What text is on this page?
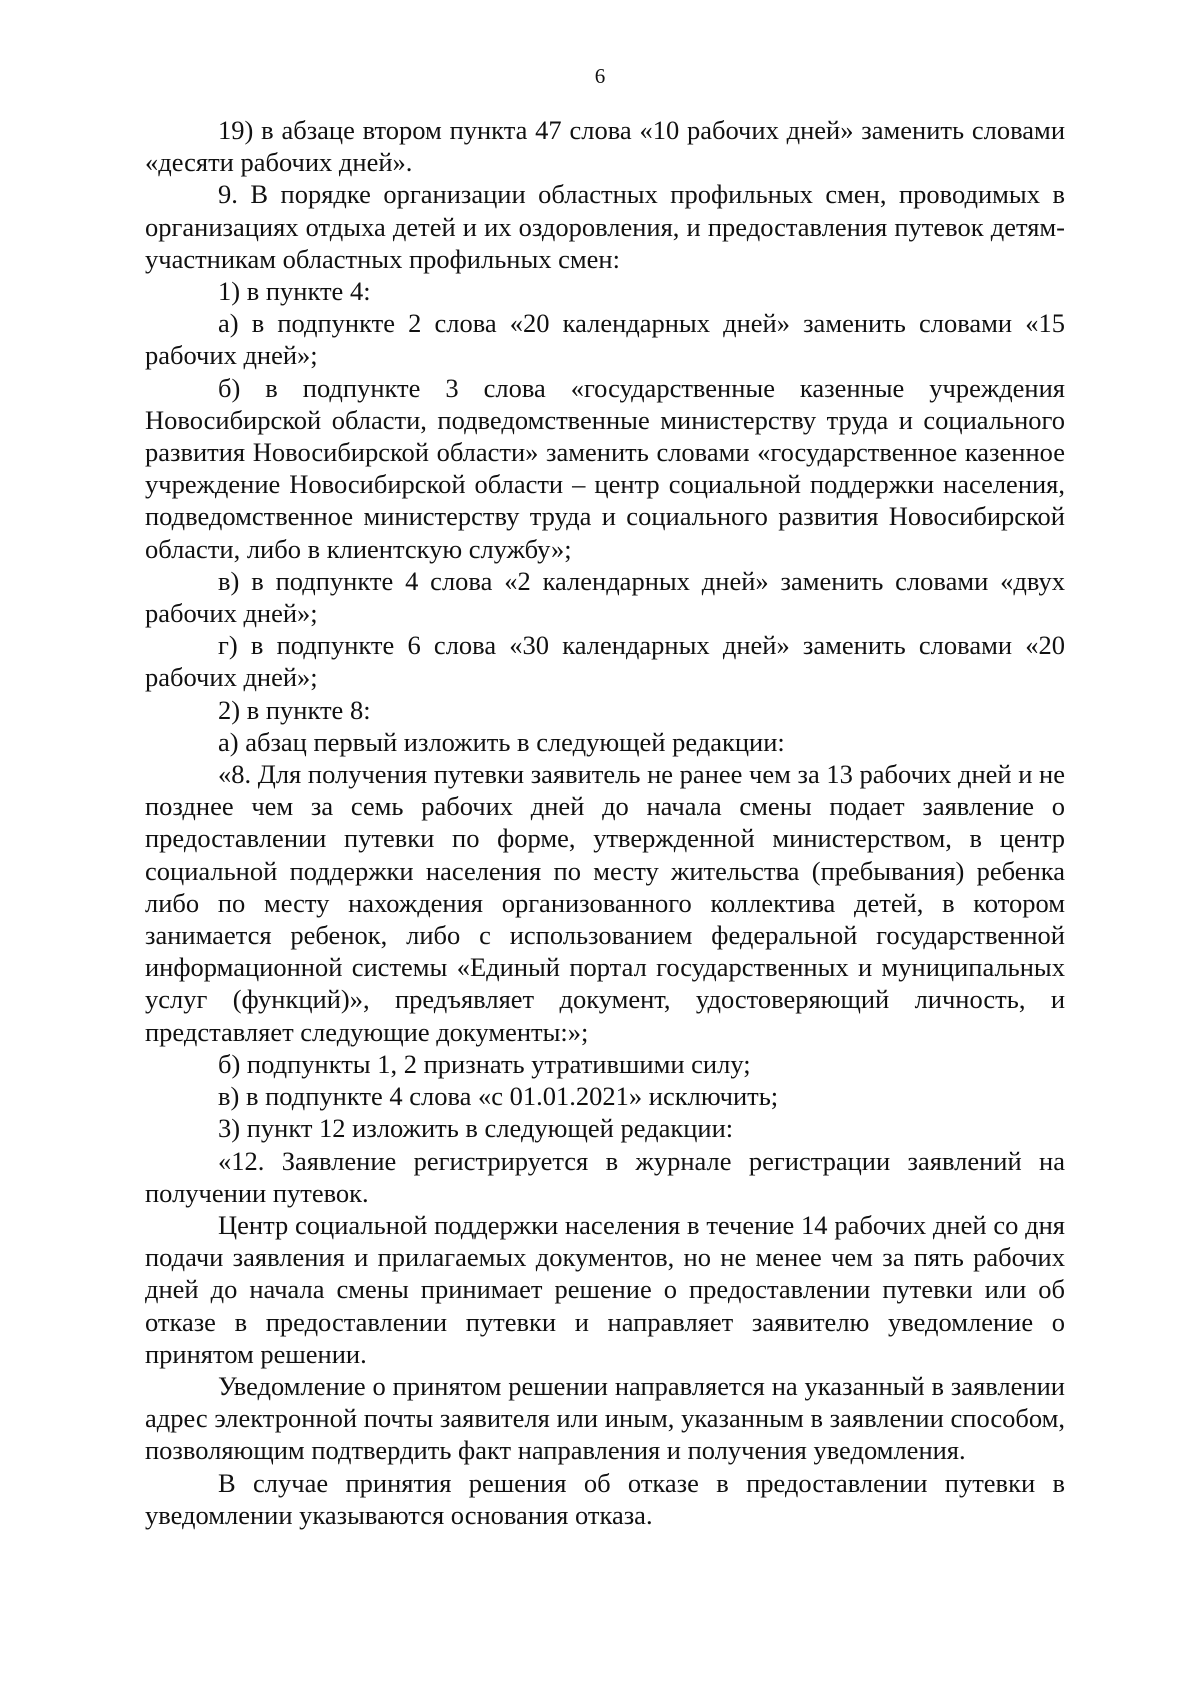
6

19) в абзаце втором пункта 47 слова «10 рабочих дней» заменить словами «десяти рабочих дней».

9. В порядке организации областных профильных смен, проводимых в организациях отдыха детей и их оздоровления, и предоставления путевок детям-участникам областных профильных смен:

1) в пункте 4:

а) в подпункте 2 слова «20 календарных дней» заменить словами «15 рабочих дней»;

б) в подпункте 3 слова «государственные казенные учреждения Новосибирской области, подведомственные министерству труда и социального развития Новосибирской области» заменить словами «государственное казенное учреждение Новосибирской области – центр социальной поддержки населения, подведомственное министерству труда и социального развития Новосибирской области, либо в клиентскую службу»;

в) в подпункте 4 слова «2 календарных дней» заменить словами «двух рабочих дней»;

г) в подпункте 6 слова «30 календарных дней» заменить словами «20 рабочих дней»;

2) в пункте 8:

а) абзац первый изложить в следующей редакции:

«8. Для получения путевки заявитель не ранее чем за 13 рабочих дней и не позднее чем за семь рабочих дней до начала смены подает заявление о предоставлении путевки по форме, утвержденной министерством, в центр социальной поддержки населения по месту жительства (пребывания) ребенка либо по месту нахождения организованного коллектива детей, в котором занимается ребенок, либо с использованием федеральной государственной информационной системы «Единый портал государственных и муниципальных услуг (функций)», предъявляет документ, удостоверяющий личность, и представляет следующие документы:»;

б) подпункты 1, 2 признать утратившими силу;

в) в подпункте 4 слова «с 01.01.2021» исключить;

3) пункт 12 изложить в следующей редакции:

«12. Заявление регистрируется в журнале регистрации заявлений на получении путевок.

Центр социальной поддержки населения в течение 14 рабочих дней со дня подачи заявления и прилагаемых документов, но не менее чем за пять рабочих дней до начала смены принимает решение о предоставлении путевки или об отказе в предоставлении путевки и направляет заявителю уведомление о принятом решении.

Уведомление о принятом решении направляется на указанный в заявлении адрес электронной почты заявителя или иным, указанным в заявлении способом, позволяющим подтвердить факт направления и получения уведомления.

В случае принятия решения об отказе в предоставлении путевки в уведомлении указываются основания отказа.
